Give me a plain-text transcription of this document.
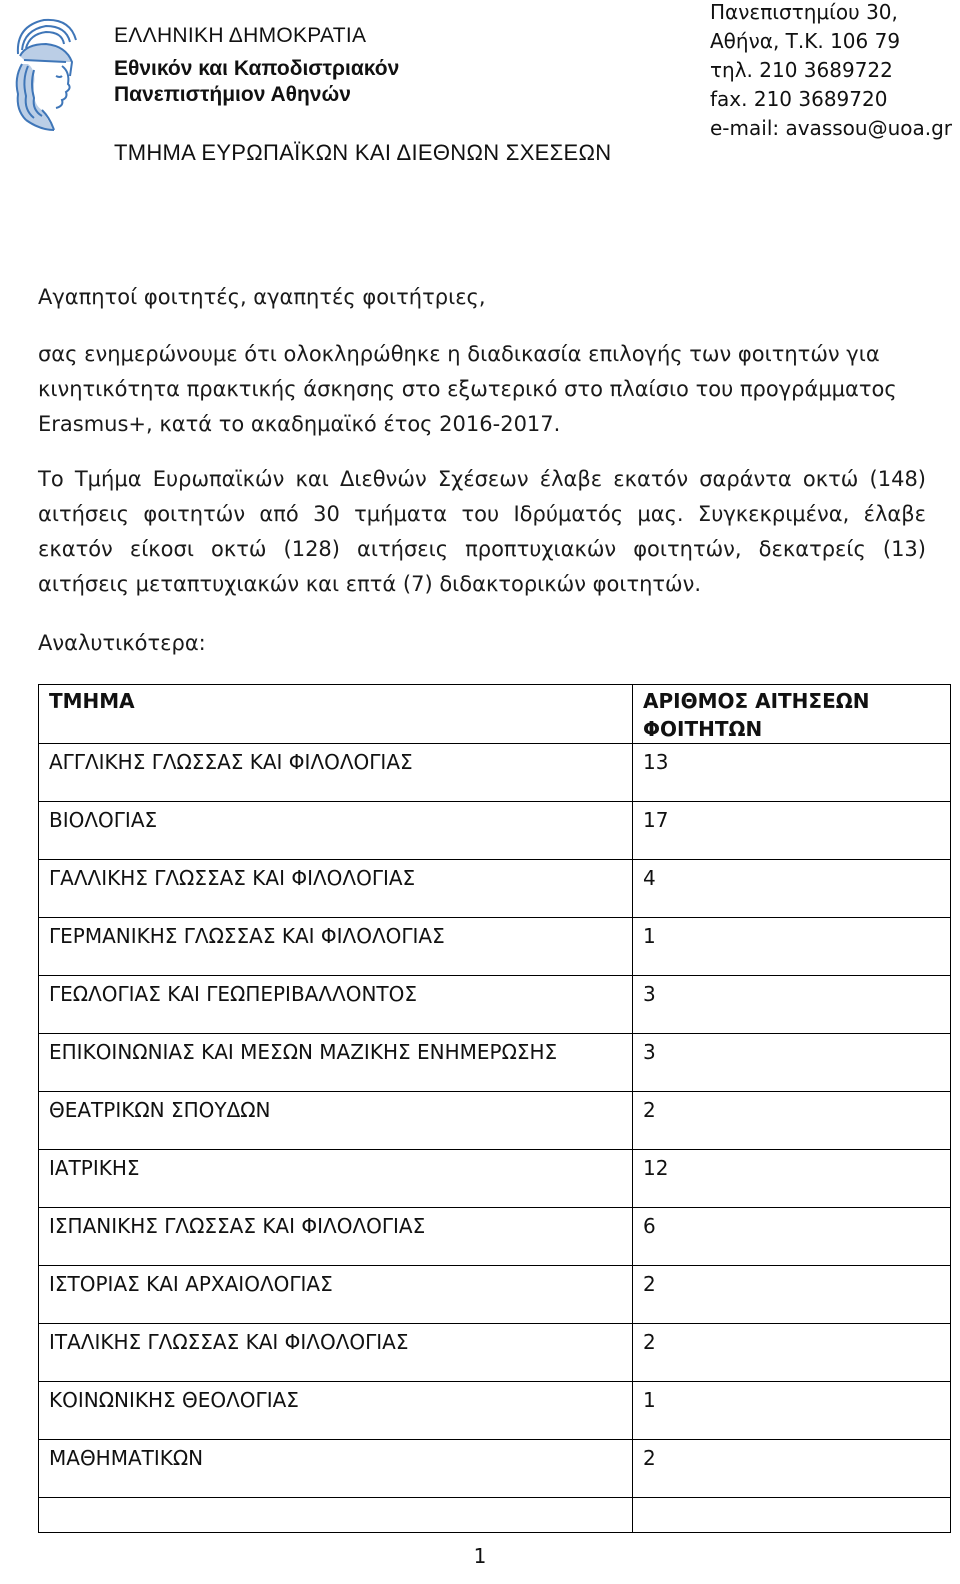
ΕΛΛΗΝΙΚΗ ΔΗΜΟΚΡΑΤΙΑ

Εθνικόν και Καποδιστριακόν

Πανεπιστήμιον Αθηνών

ΤΜΗΜΑ ΕΥΡΩΠΑΪΚΩΝ ΚΑΙ ΔΙΕΘΝΩΝ ΣΧΕΣΕΩΝ
Πανεπιστημίου 30,
Αθήνα, Τ.Κ. 106 79
τηλ. 210 3689722
fax. 210 3689720
e-mail: avassou@uoa.gr
Αγαπητοί φοιτητές, αγαπητές φοιτήτριες,

σας ενημερώνουμε ότι ολοκληρώθηκε η διαδικασία επιλογής των φοιτητών για κινητικότητα πρακτικής άσκησης στο εξωτερικό στο πλαίσιο του προγράμματος Erasmus+, κατά το ακαδημαϊκό έτος 2016-2017.

Το Τμήμα Ευρωπαϊκών και Διεθνών Σχέσεων έλαβε εκατόν σαράντα οκτώ (148) αιτήσεις φοιτητών από 30 τμήματα του Ιδρύματός μας. Συγκεκριμένα, έλαβε εκατόν είκοσι οκτώ (128) αιτήσεις προπτυχιακών φοιτητών, δεκατρείς (13) αιτήσεις μεταπτυχιακών και επτά (7) διδακτορικών φοιτητών.

Αναλυτικότερα:
ΤΜΗΜΑ	ΑΡΙΘΜΟΣ ΑΙΤΗΣΕΩΝ ΦΟΙΤΗΤΩΝ
ΑΓΓΛΙΚΗΣ ΓΛΩΣΣΑΣ ΚΑΙ ΦΙΛΟΛΟΓΙΑΣ	13
ΒΙΟΛΟΓΙΑΣ	17
ΓΑΛΛΙΚΗΣ ΓΛΩΣΣΑΣ ΚΑΙ ΦΙΛΟΛΟΓΙΑΣ	4
ΓΕΡΜΑΝΙΚΗΣ ΓΛΩΣΣΑΣ ΚΑΙ ΦΙΛΟΛΟΓΙΑΣ	1
ΓΕΩΛΟΓΙΑΣ ΚΑΙ ΓΕΩΠΕΡΙΒΑΛΛΟΝΤΟΣ	3
ΕΠΙΚΟΙΝΩΝΙΑΣ ΚΑΙ ΜΕΣΩΝ ΜΑΖΙΚΗΣ ΕΝΗΜΕΡΩΣΗΣ	3
ΘΕΑΤΡΙΚΩΝ ΣΠΟΥΔΩΝ	2
ΙΑΤΡΙΚΗΣ	12
ΙΣΠΑΝΙΚΗΣ ΓΛΩΣΣΑΣ ΚΑΙ ΦΙΛΟΛΟΓΙΑΣ	6
ΙΣΤΟΡΙΑΣ ΚΑΙ ΑΡΧΑΙΟΛΟΓΙΑΣ	2
ΙΤΑΛΙΚΗΣ ΓΛΩΣΣΑΣ ΚΑΙ ΦΙΛΟΛΟΓΙΑΣ	2
ΚΟΙΝΩΝΙΚΗΣ ΘΕΟΛΟΓΙΑΣ	1
ΜΑΘΗΜΑΤΙΚΩΝ	2

1
